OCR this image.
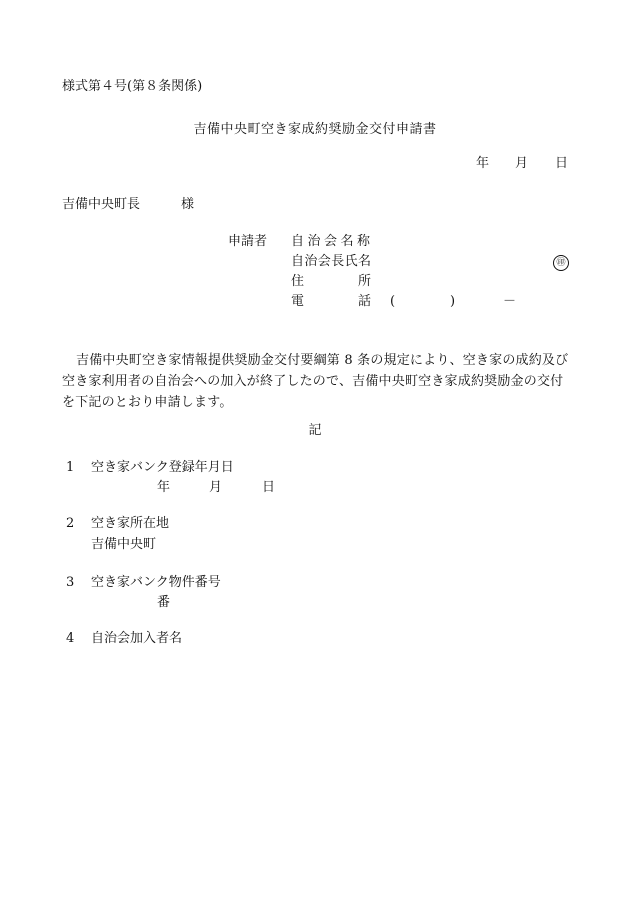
様式第４号(第８条関係)
吉備中央町空き家成約奨励金交付申請書
年 月 日
吉備中央町長	様
申請者 自治会名称
自治会長氏名	㊞
住所
電話 (	)	－
吉備中央町空き家情報提供奨励金交付要綱第 8 条の規定により、空き家の成約及び空き家利用者の自治会への加入が終了したので、吉備中央町空き家成約奨励金の交付を下記のとおり申請します。
記
1 空き家バンク登録年月日
年	月	日
2 空き家所在地
吉備中央町
3 空き家バンク物件番号
番
4 自治会加入者名
